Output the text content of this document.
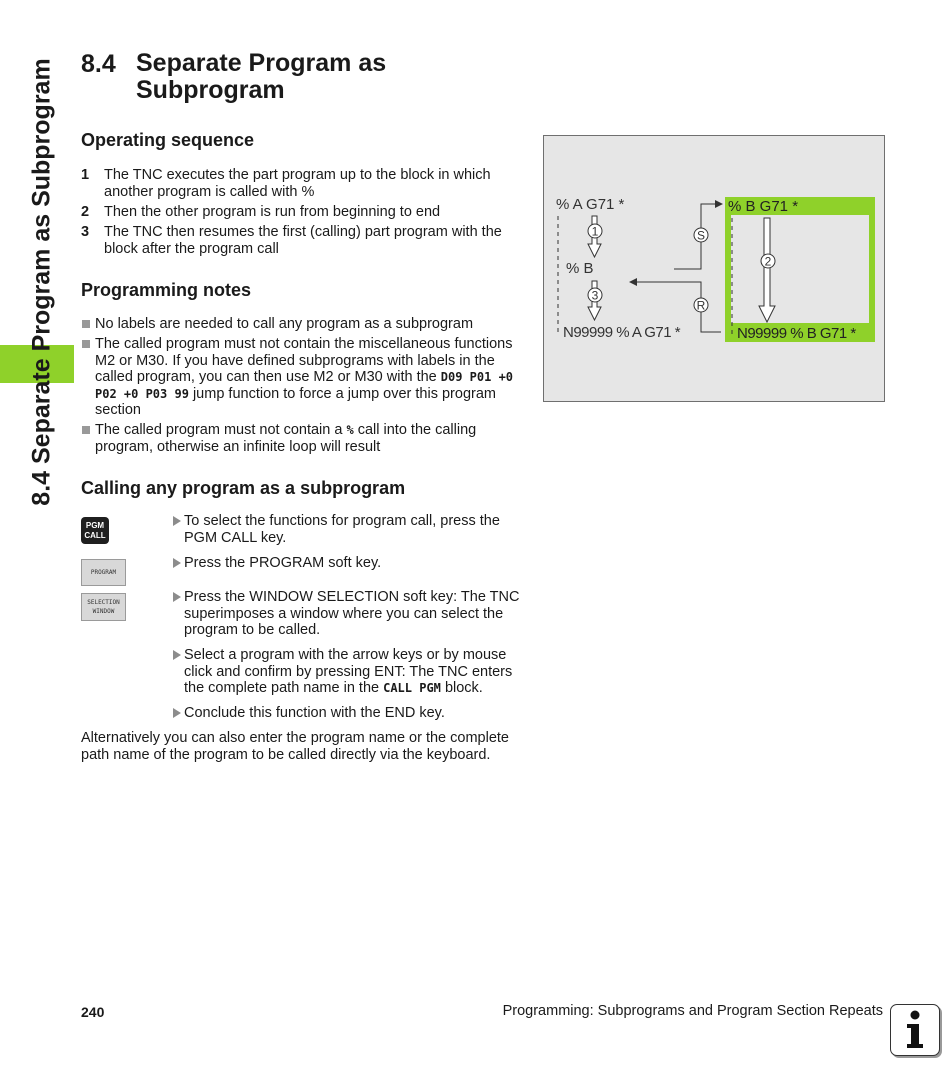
8.4 Separate Program as Subprogram 8.4 Separate Program as Subprogram
Operating sequence
1 The TNC executes the part program up to the block in which another program is called with %
2 Then the other program is run from beginning to end
3 The TNC then resumes the first (calling) part program with the block after the program call
Programming notes
No labels are needed to call any program as a subprogram
The called program must not contain the miscellaneous functions M2 or M30. If you have defined subprograms with labels in the called program, you can then use M2 or M30 with the D09 P01 +0 P02 +0 P03 99 jump function to force a jump over this program section
The called program must not contain a % call into the calling program, otherwise an infinite loop will result
Calling any program as a subprogram
PGM
CALL
To select the functions for program call, press the PGM CALL key.
PROGRAM
Press the PROGRAM soft key.
SELECTION
WINDOW
Press the WINDOW SELECTION soft key: The TNC superimposes a window where you can select the program to be called.
Select a program with the arrow keys or by mouse click and confirm by pressing ENT: The TNC enters the complete path name in the CALL PGM block.
Conclude this function with the END key.
Alternatively you can also enter the program name or the complete path name of the program to be called directly via the keyboard.
% A G71 *
% B
N99999 % A G71 *
% B G71 *
N99999 % B G71 *
1
3
2
S
R
240	Programming: Subprograms and Program Section Repeats
